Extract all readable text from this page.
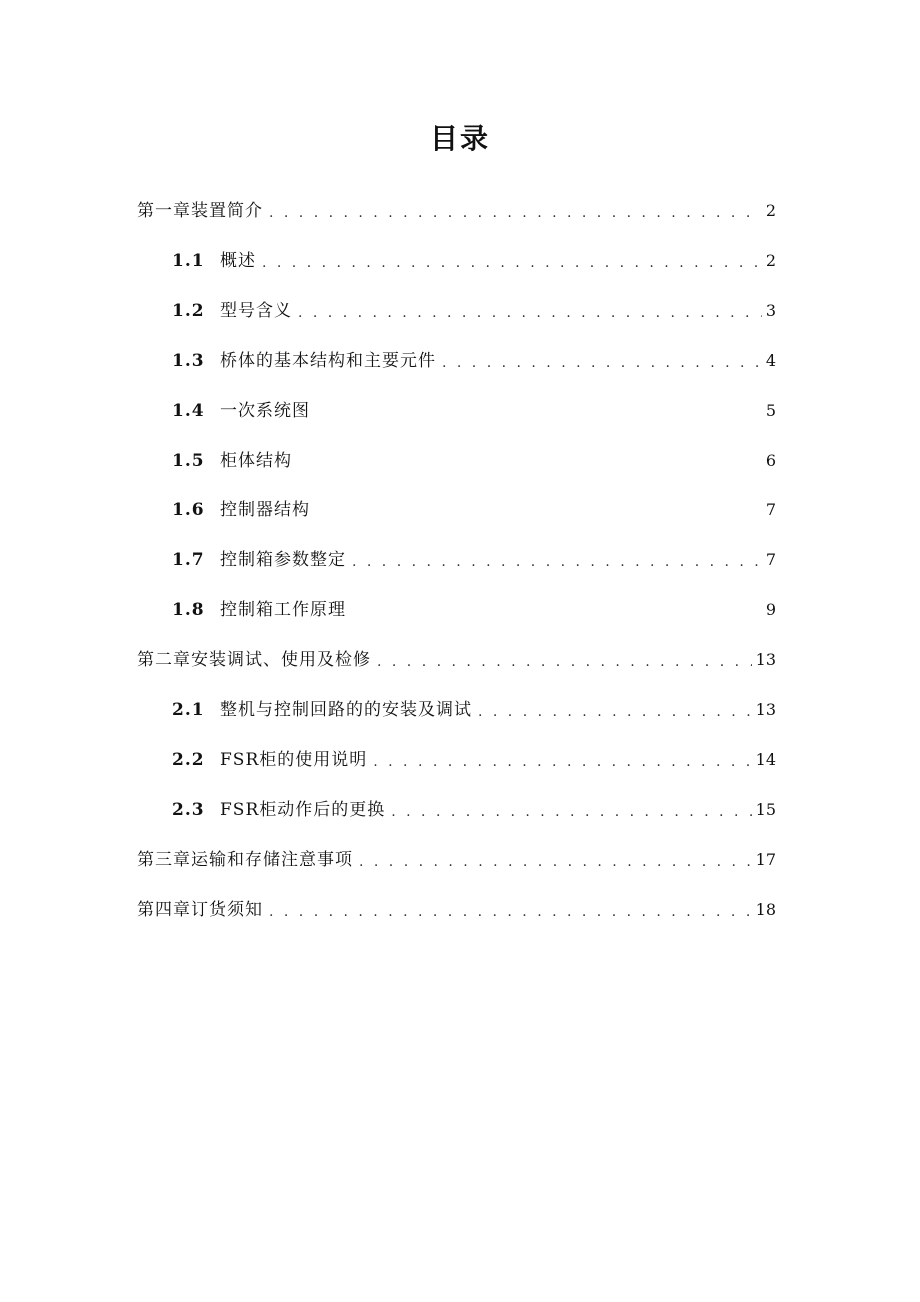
目录
第一章装置简介 . . .	2
1.1 概述 . . .	2
1.2 型号含义 . . .	3
1.3 桥体的基本结构和主要元件 . . .	4
1.4 一次系统图	5
1.5 柜体结构	6
1.6 控制器结构	7
1.7 控制箱参数整定 . . .	7
1.8 控制箱工作原理	9
第二章安装调试、使用及检修 . . .	13
2.1 整机与控制回路的的安装及调试 . . .	13
2.2 FSR柜的使用说明 . . .	14
2.3 FSR柜动作后的更换 . . .	15
第三章运输和存储注意事项 . . .	17
第四章订货须知 . . .	18
